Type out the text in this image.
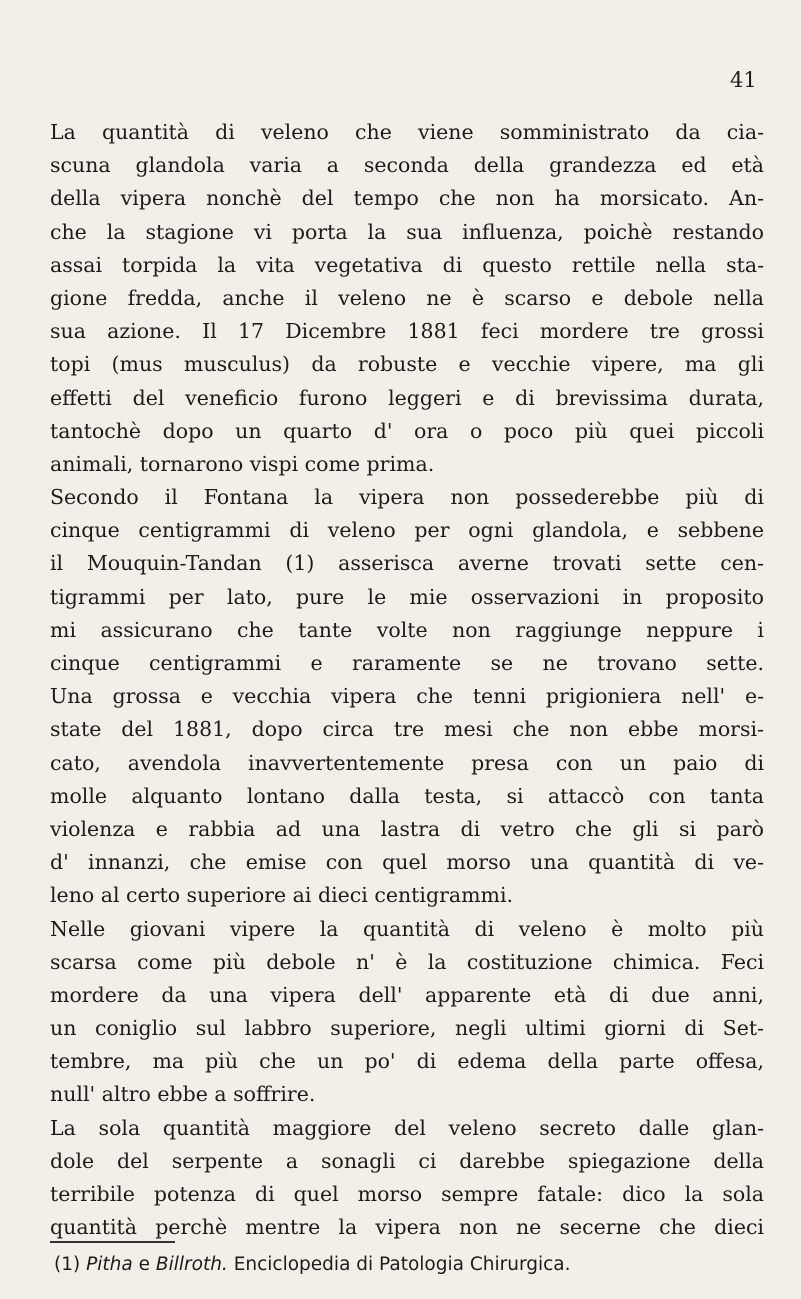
41
La quantità di veleno che viene somministrato da cia-
scuna glandola varia a seconda della grandezza ed età
della vipera nonchè del tempo che non ha morsicato. An-
che la stagione vi porta la sua influenza, poichè restando
assai torpida la vita vegetativa di questo rettile nella sta-
gione fredda, anche il veleno ne è scarso e debole nella
sua azione. Il 17 Dicembre 1881 feci mordere tre grossi
topi (mus musculus) da robuste e vecchie vipere, ma gli
effetti del veneficio furono leggeri e di brevissima durata,
tantochè dopo un quarto d' ora o poco più quei piccoli
animali, tornarono vispi come prima.
Secondo il Fontana la vipera non possederebbe più di
cinque centigrammi di veleno per ogni glandola, e sebbene
il Mouquin-Tandan (1) asserisca averne trovati sette cen-
tigrammi per lato, pure le mie osservazioni in proposito
mi assicurano che tante volte non raggiunge neppure i
cinque centigrammi e raramente se ne trovano sette.
Una grossa e vecchia vipera che tenni prigioniera nell' e-
state del 1881, dopo circa tre mesi che non ebbe morsi-
cato, avendola inavvertentemente presa con un paio di
molle alquanto lontano dalla testa, si attaccò con tanta
violenza e rabbia ad una lastra di vetro che gli si parò
d' innanzi, che emise con quel morso una quantità di ve-
leno al certo superiore ai dieci centigrammi.
Nelle giovani vipere la quantità di veleno è molto più
scarsa come più debole n' è la costituzione chimica. Feci
mordere da una vipera dell' apparente età di due anni,
un coniglio sul labbro superiore, negli ultimi giorni di Set-
tembre, ma più che un po' di edema della parte offesa,
null' altro ebbe a soffrire.
La sola quantità maggiore del veleno secreto dalle glan-
dole del serpente a sonagli ci darebbe spiegazione della
terribile potenza di quel morso sempre fatale: dico la sola
quantità perchè mentre la vipera non ne secerne che dieci
(1) Pitha e Billroth. Enciclopedia di Patologia Chirurgica.
